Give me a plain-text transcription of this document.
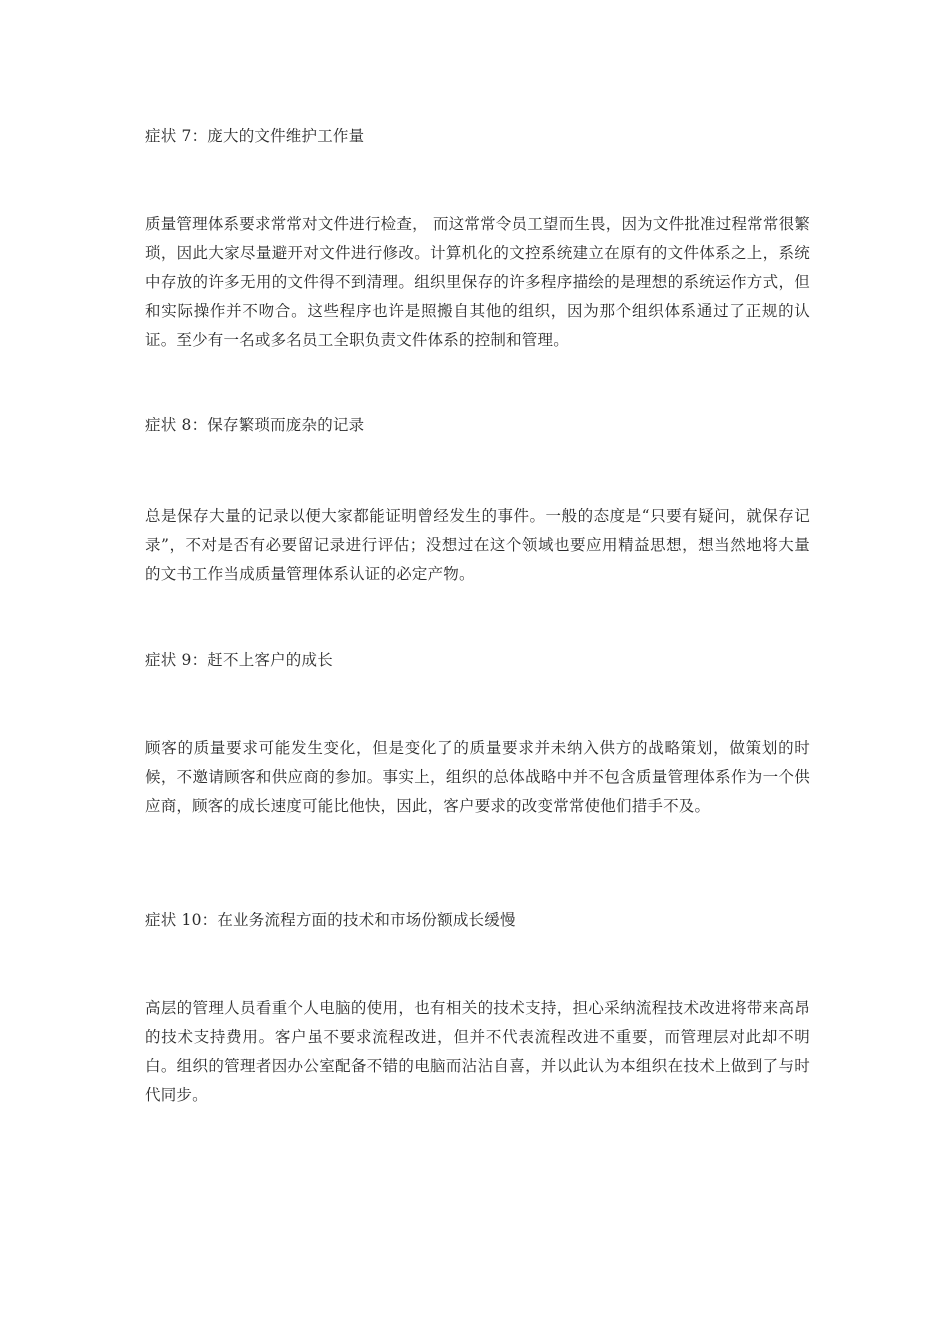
症状 7：庞大的文件维护工作量

质量管理体系要求常常对文件进行检查， 而这常常令员工望而生畏，因为文件批准过程常常很繁琐，因此大家尽量避开对文件进行修改。计算机化的文控系统建立在原有的文件体系之上，系统中存放的许多无用的文件得不到清理。组织里保存的许多程序描绘的是理想的系统运作方式，但和实际操作并不吻合。这些程序也许是照搬自其他的组织，因为那个组织体系通过了正规的认证。至少有一名或多名员工全职负责文件体系的控制和管理。

症状 8：保存繁琐而庞杂的记录

总是保存大量的记录以便大家都能证明曾经发生的事件。一般的态度是“只要有疑问，就保存记录”，不对是否有必要留记录进行评估；没想过在这个领域也要应用精益思想，想当然地将大量的文书工作当成质量管理体系认证的必定产物。

症状 9：赶不上客户的成长

顾客的质量要求可能发生变化，但是变化了的质量要求并未纳入供方的战略策划，做策划的时候，不邀请顾客和供应商的参加。事实上，组织的总体战略中并不包含质量管理体系作为一个供应商，顾客的成长速度可能比他快，因此，客户要求的改变常常使他们措手不及。

症状 10：在业务流程方面的技术和市场份额成长缓慢

高层的管理人员看重个人电脑的使用，也有相关的技术支持，担心采纳流程技术改进将带来高昂的技术支持费用。客户虽不要求流程改进，但并不代表流程改进不重要，而管理层对此却不明白。组织的管理者因办公室配备不错的电脑而沾沾自喜，并以此认为本组织在技术上做到了与时代同步。
